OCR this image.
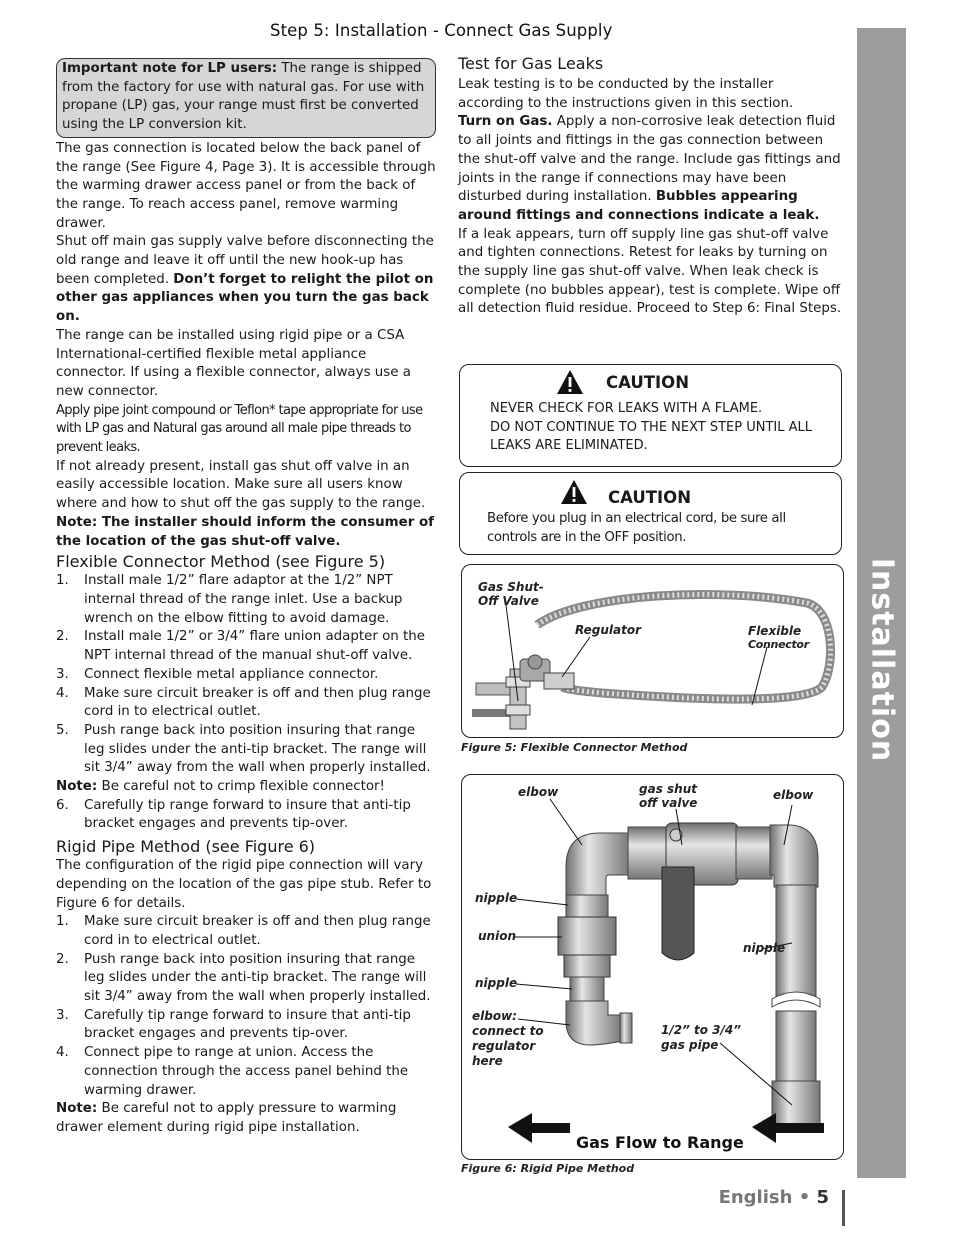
Step 5: Installation - Connect Gas Supply
Important note for LP users: The range is shipped from the factory for use with natural gas. For use with propane (LP) gas, your range must first be converted using the LP conversion kit.

The gas connection is located below the back panel of the range (See Figure 4, Page 3). It is accessible through the warming drawer access panel or from the back of the range. To reach access panel, remove warming drawer.

Shut off main gas supply valve before disconnecting the old range and leave it off until the new hook-up has been completed. Don’t forget to relight the pilot on other gas appliances when you turn the gas back on.

The range can be installed using rigid pipe or a CSA International-certified flexible metal appliance connector. If using a flexible connector, always use a new connector.

Apply pipe joint compound or Teflon* tape appropriate for use with LP gas and Natural gas around all male pipe threads to prevent leaks.

If not already present, install gas shut off valve in an easily accessible location. Make sure all users know where and how to shut off the gas supply to the range.

Note: The installer should inform the consumer of the location of the gas shut-off valve.

Flexible Connector Method (see Figure 5)
1. Install male 1/2” flare adaptor at the 1/2” NPT internal thread of the range inlet. Use a backup wrench on the elbow fitting to avoid damage.
2. Install male 1/2” or 3/4” flare union adapter on the NPT internal thread of the manual shut-off valve.
3. Connect flexible metal appliance connector.
4. Make sure circuit breaker is off and then plug range cord in to electrical outlet.
5. Push range back into position insuring that range leg slides under the anti-tip bracket. The range will sit 3/4” away from the wall when properly installed.

Note: Be careful not to crimp flexible connector!

6. Carefully tip range forward to insure that anti-tip bracket engages and prevents tip-over.
Rigid Pipe Method (see Figure 6)

The configuration of the rigid pipe connection will vary depending on the location of the gas pipe stub. Refer to Figure 6 for details.

1. Make sure circuit breaker is off and then plug range cord in to electrical outlet.
2. Push range back into position insuring that range leg slides under the anti-tip bracket. The range will sit 3/4” away from the wall when properly installed.
3. Carefully tip range forward to insure that anti-tip bracket engages and prevents tip-over.
4. Connect pipe to range at union. Access the connection through the access panel behind the warming drawer.

Note: Be careful not to apply pressure to warming drawer element during rigid pipe installation.

Test for Gas Leaks

Leak testing is to be conducted by the installer according to the instructions given in this section.

Turn on Gas. Apply a non-corrosive leak detection fluid to all joints and fittings in the gas connection between the shut-off valve and the range. Include gas fittings and joints in the range if connections may have been disturbed during installation. Bubbles appearing around fittings and connections indicate a leak.

If a leak appears, turn off supply line gas shut-off valve and tighten connections. Retest for leaks by turning on the supply line gas shut-off valve. When leak check is complete (no bubbles appear), test is complete. Wipe off all detection fluid residue. Proceed to Step 6: Final Steps.

CAUTION
NEVER CHECK FOR LEAKS WITH A FLAME.
DO NOT CONTINUE TO THE NEXT STEP UNTIL ALL LEAKS ARE ELIMINATED.
CAUTION
Before you plug in an electrical cord, be sure all controls are in the OFF position.
Gas Shut-
Off Valve
Regulator	Flexible
Connector
Figure 5: Flexible Connector Method
elbow	gas shut
off valve
elbow
nipple
union
nipple
nipple
elbow:
connect to
regulator
here
1/2” to 3/4”
gas pipe
Gas Flow to Range
Figure 6: Rigid Pipe Method
Installation
English • 5
